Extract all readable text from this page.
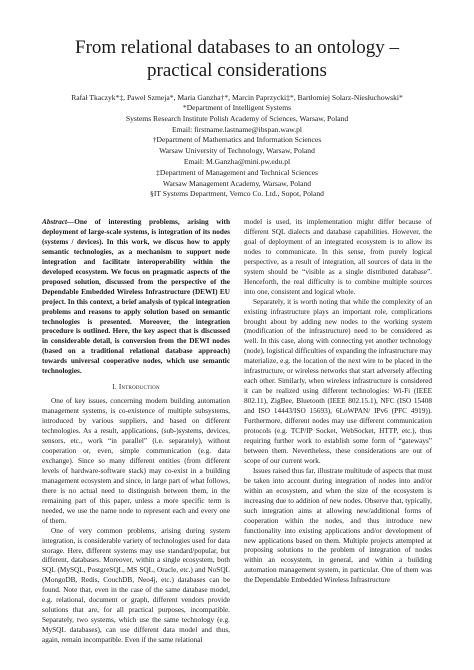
From relational databases to an ontology – practical considerations
Rafał Tkaczyk*‡, Paweł Szmeja*, Maria Ganzha†*, Marcin Paprzycki‡*, Bartłomiej Solarz-Niesłuchowski*
*Department of Intelligent Systems
Systems Research Institute Polish Academy of Sciences, Warsaw, Poland
Email: firstname.lastname@ibspan.waw.pl
†Department of Mathematics and Information Sciences
Warsaw University of Technology, Warsaw, Poland
Email: M.Ganzha@mini.pw.edu.pl
‡Department of Management and Technical Sciences
Warsaw Management Academy, Warsaw, Poland
§IT Systems Department, Vemco Co. Ltd., Sopot, Poland

Abstract—One of interesting problems, arising with deployment of large-scale systems, is integration of its nodes (systems / devices). In this work, we discus how to apply semantic technologies, as a mechanism to support node integration and facilitate interoperability within the developed ecosystem. We focus on pragmatic aspects of the proposed solution, discussed from the perspective of the Dependable Embedded Wireless Infrastructure (DEWI) EU project. In this context, a brief analysis of typical integration problems and reasons to apply solution based on semantic technologies is presented. Moreover, the integration procedure is outlined. Here, the key aspect that is discussed in considerable detail, is conversion from the DEWI nodes (based on a traditional relational database approach) towards universal cooperative nodes, which use semantic technologies.

I. Introduction

One of key issues, concerning modern building automation management systems, is co-existence of multiple subsystems, introduced by various suppliers, and based on different technologies. As a result, applications, (sub-)systems, devices, sensors, etc., work “in parallel” (i.e. separately), without cooperation or, even, simple communication (e.g. data exchange). Since so many different entities (from different levels of hardware-software stack) may co-exist in a building management ecosystem and since, in large part of what follows, there is no actual need to distinguish between them, in the remaining part of this paper, unless a more specific term is needed, we use the name node to represent each and every one of them.

One of very common problems, arising during system integration, is considerable variety of technologies used for data storage. Here, different systems may use standard/popular, but different, databases. Moreover, within a single ecosystem, both SQL (MySQL, PostgreSQL, MS SQL, Oracle, etc.) and NoSQL (MongoDB, Redis, CouchDB, Neo4j, etc.) databases can be found. Note that, even in the case of the same database model, e.g. relational, document or graph, different vendors provide solutions that are, for all practical purposes, incompatible. Separately, two systems, which use the same technology (e.g. MySQL databases), can use different data model and thus, again, remain incompatible. Even if the same relational

model is used, its implementation might differ because of different SQL dialects and database capabilities. However, the goal of deployment of an integrated ecosystem is to allow its nodes to communicate. In this sense, from purely logical perspective, as a result of integration, all sources of data in the system should be “visible as a single distributed database”. Henceforth, the real difficulty is to combine multiple sources into one, consistent and logical whole.

Separately, it is worth noting that while the complexity of an existing infrastructure plays an important role, complications brought about by adding new nodes to the working system (modification of the infrastructure) need to be considered as well. In this case, along with connecting yet another technology (node), logistical difficulties of expanding the infrastructure may materialize, e.g. the location of the next wire to be placed in the infrastructure, or wireless networks that start adversely affecting each other. Similarly, when wireless infrastructure is considered it can be realized using different technologies: Wi-Fi (IEEE 802.11), ZigBee, Bluetooth (IEEE 802.15.1), NFC (ISO 15408 and ISO 14443/ISO 15693), 6LoWPAN/ IPv6 (PFC 4919)). Furthermore, different nodes may use different communication protocols (e.g. TCP/IP Socket, WebSocket, HTTP, etc.), thus requiring further work to establish some form of “gateways” between them. Nevertheless, these considerations are out of scope of our current work.

Issues raised thus far, illustrate multitude of aspects that must be taken into account during integration of nodes into and/or within an ecosystem, and when the size of the ecosystem is increasing due to addition of new nodes. Observe that, typically, such integration aims at allowing new/additional forms of cooperation within the nodes, and thus introduce new functionality into existing applications and/or development of new applications based on them. Multiple projects attempted at proposing solutions to the problem of integration of nodes within an ecosystem, in general, and within a building automation management system, in particular. One of them was the Dependable Embedded Wireless Infrastructure
